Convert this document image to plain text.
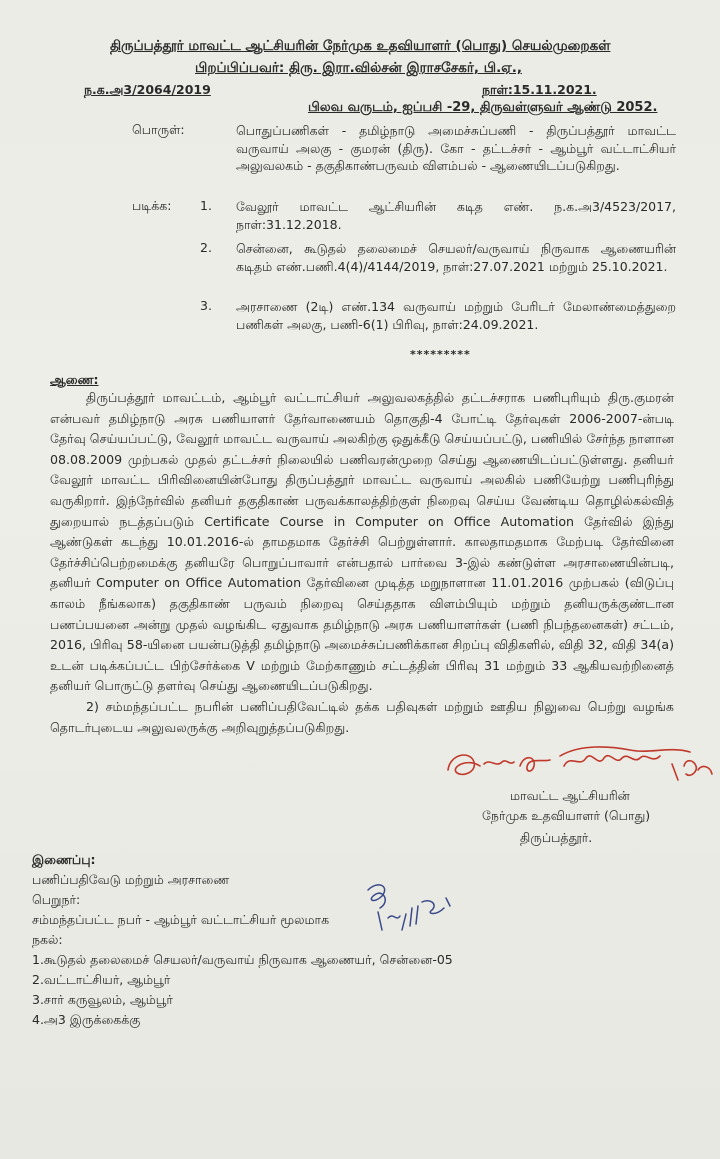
திருப்பத்தூர் மாவட்ட ஆட்சியரின் நேர்முக உதவியாளர் (பொது) செயல்முறைகள்
பிறப்பிப்பவர்: திரு. இரா.வில்சன் இராசசேகர், பி.ஏ.,
ந.க.அ3/2064/2019	நாள்:15.11.2021.
பிலவ வருடம், ஐப்பசி -29, திருவள்ளுவர் ஆண்டு 2052.
பொருள்:	பொதுப்பணிகள் - தமிழ்நாடு அமைச்சுப்பணி - திருப்பத்தூர் மாவட்ட வருவாய் அலகு - குமரன் (திரு). கோ - தட்டச்சர் - ஆம்பூர் வட்டாட்சியர் அலுவலகம் - தகுதிகாண்பருவம் விளம்பல் - ஆணையிடப்படுகிறது.
படிக்க: 1. வேலூர் மாவட்ட ஆட்சியரின் கடித எண். ந.க.அ3/4523/2017, நாள்:31.12.2018.
2. சென்னை, கூடுதல் தலைமைச் செயலர்/வருவாய் நிருவாக ஆணையரின் கடிதம் எண்.பணி.4(4)/4144/2019, நாள்:27.07.2021 மற்றும் 25.10.2021.
3. அரசாணை (2டி) எண்.134 வருவாய் மற்றும் பேரிடர் மேலாண்மைத்துறை பணிகள் அலகு, பணி-6(1) பிரிவு, நாள்:24.09.2021.
*********
ஆணை:

திருப்பத்தூர் மாவட்டம், ஆம்பூர் வட்டாட்சியர் அலுவலகத்தில் தட்டச்சராக பணிபுரியும் திரு.குமரன் என்பவர் தமிழ்நாடு அரசு பணியாளர் தேர்வாணையம் தொகுதி-4 போட்டி தேர்வுகள் 2006-2007-ன்படி தேர்வு செய்யப்பட்டு, வேலூர் மாவட்ட வருவாய் அலகிற்கு ஒதுக்கீடு செய்யப்பட்டு, பணியில் சேர்ந்த நாளான 08.08.2009 முற்பகல் முதல் தட்டச்சர் நிலையில் பணிவரன்முறை செய்து ஆணையிடப்பட்டுள்ளது. தனியர் வேலூர் மாவட்ட பிரிவினையின்போது திருப்பத்தூர் மாவட்ட வருவாய் அலகில் பணியேற்று பணிபுரிந்து வருகிறார். இந்நேர்வில் தனியர் தகுதிகாண் பருவக்காலத்திற்குள் நிறைவு செய்ய வேண்டிய தொழில்கல்வித் துறையால் நடத்தப்படும் Certificate Course in Computer on Office Automation தேர்வில் இந்து ஆண்டுகள் கடந்து 10.01.2016-ல் தாமதமாக தேர்ச்சி பெற்றுள்ளார். காலதாமதமாக மேற்படி தேர்வினை தேர்ச்சிப்பெற்றமைக்கு தனியரே பொறுப்பாவார் என்பதால் பார்வை 3-இல் கண்டுள்ள அரசாணையின்படி, தனியர் Computer on Office Automation தேர்வினை முடித்த மறுநாளான 11.01.2016 முற்பகல் (விடுப்பு காலம் நீங்கலாக) தகுதிகாண் பருவம் நிறைவு செய்ததாக விளம்பியும் மற்றும் தனியருக்குண்டான பணப்பயனை அன்று முதல் வழங்கிட ஏதுவாக தமிழ்நாடு அரசு பணியாளர்கள் (பணி நிபந்தனைகள்) சட்டம், 2016, பிரிவு 58-யினை பயன்படுத்தி தமிழ்நாடு அமைச்சுப்பணிக்கான சிறப்பு விதிகளில், விதி 32, விதி 34(a) உடன் படிக்கப்பட்ட பிற்சேர்க்கை V மற்றும் மேற்காணும் சட்டத்தின் பிரிவு 31 மற்றும் 33 ஆகியவற்றினைத் தனியர் பொருட்டு தளர்வு செய்து ஆணையிடப்படுகிறது.

2) சம்மந்தப்பட்ட நபரின் பணிப்பதிவேட்டில் தக்க பதிவுகள் மற்றும் ஊதிய நிலுவை பெற்று வழங்க தொடர்புடைய அலுவலருக்கு அறிவுறுத்தப்படுகிறது.

மாவட்ட ஆட்சியரின்
நேர்முக உதவியாளர் (பொது)
திருப்பத்தூர்.
இணைப்பு:
பணிப்பதிவேடு மற்றும் அரசாணை
பெறுநர்:
சம்மந்தப்பட்ட நபர் - ஆம்பூர் வட்டாட்சியர் மூலமாக
நகல்:
1.கூடுதல் தலைமைச் செயலர்/வருவாய் நிருவாக ஆணையர், சென்னை-05
2.வட்டாட்சியர், ஆம்பூர்
3.சார் கருவூலம், ஆம்பூர்
4.அ3 இருக்கைக்கு
